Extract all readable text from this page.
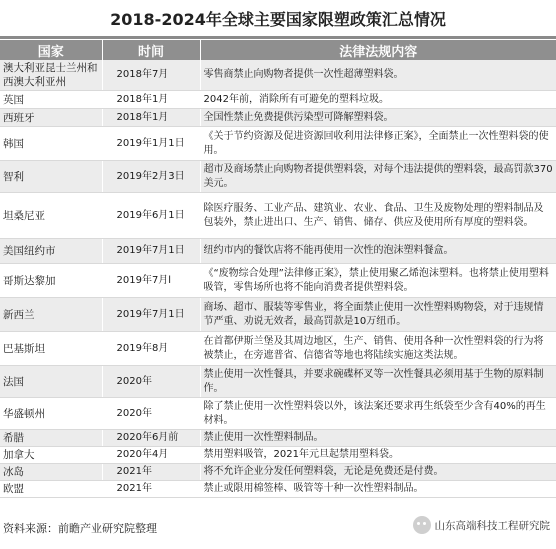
2018-2024年全球主要国家限塑政策汇总情况
国家	时间	法律法规内容
澳大利亚昆士兰州和西澳大利亚州	2018年7月	零售商禁止向购物者提供一次性超薄塑料袋。
英国	2018年1月	2042年前，消除所有可避免的塑料垃圾。
西班牙	2018年1月	全国性禁止免费提供污染型可降解塑料袋。
韩国	2019年1月1日	《关于节约资源及促进资源回收利用法律修正案》，全面禁止一次性塑料袋的使用。
智利	2019年2月3日	超市及商场禁止向购物者提供塑料袋，对每个违法提供的塑料袋，最高罚款370美元。
坦桑尼亚	2019年6月1日	除医疗服务、工业产品、建筑业、农业、食品、卫生及废物处理的塑料制品及包装外，禁止进出口、生产、销售、储存、供应及使用所有厚度的塑料袋。
美国纽约市	2019年7月1日	纽约市内的餐饮店将不能再使用一次性的泡沫塑料餐盒。
哥斯达黎加	2019年7月l	《“废物综合处理”法律修正案》，禁止使用聚乙烯泡沫塑料。也将禁止使用塑料吸管，零售场所也将不能向消费者提供塑料袋。
新西兰	2019年7月1日	商场、超市、服装等零售业，将全面禁止使用一次性塑料购物袋，对于违规情节严重、劝说无效者，最高罚款是10万纽币。
巴基斯坦	2019年8月	在首都伊斯兰堡及其周边地区，生产、销售、使用各种一次性塑料袋的行为将被禁止，在旁遮普省、信德省等地也将陆续实施这类法规。
法国	2020年	禁止使用一次性餐具，并要求碗碟杯叉等一次性餐具必须用基于生物的原料制作。
华盛顿州	2020年	除了禁止使用一次性塑料袋以外，该法案还要求再生纸袋至少含有40%的再生材料。
希腊	2020年6月前	禁止使用一次性塑料制品。
加拿大	2020年4月	禁用塑料吸管，2021年元旦起禁用塑料袋。
冰岛	2021年	将不允许企业分发任何塑料袋，无论是免费还是付费。
欧盟	2021年	禁止或限用棉签棒、吸管等十种一次性塑料制品。
资料来源：前瞻产业研究院整理	山东高端科技工程研究院
